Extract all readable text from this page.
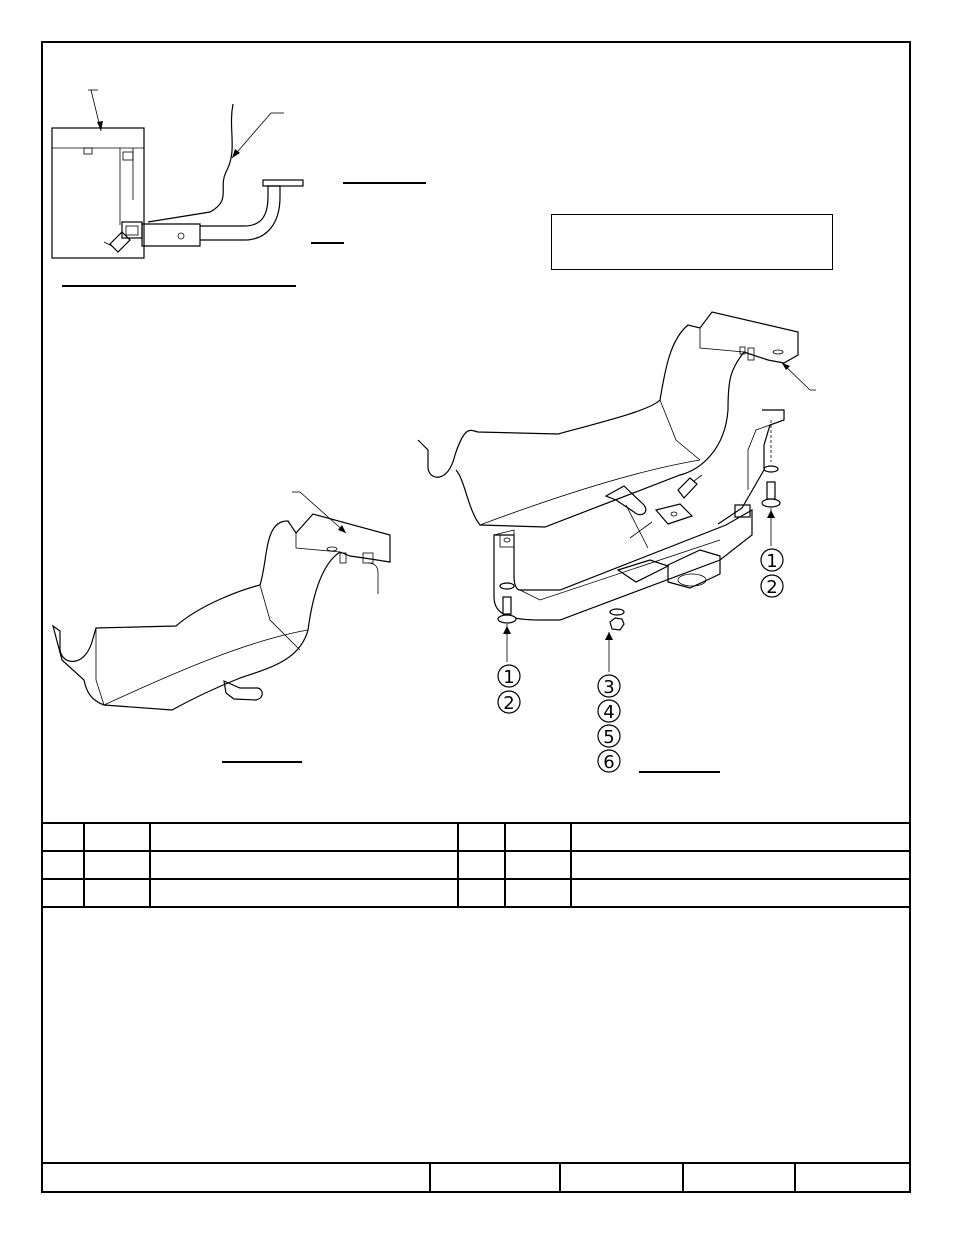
1
2
1
2
3
4
5
6
